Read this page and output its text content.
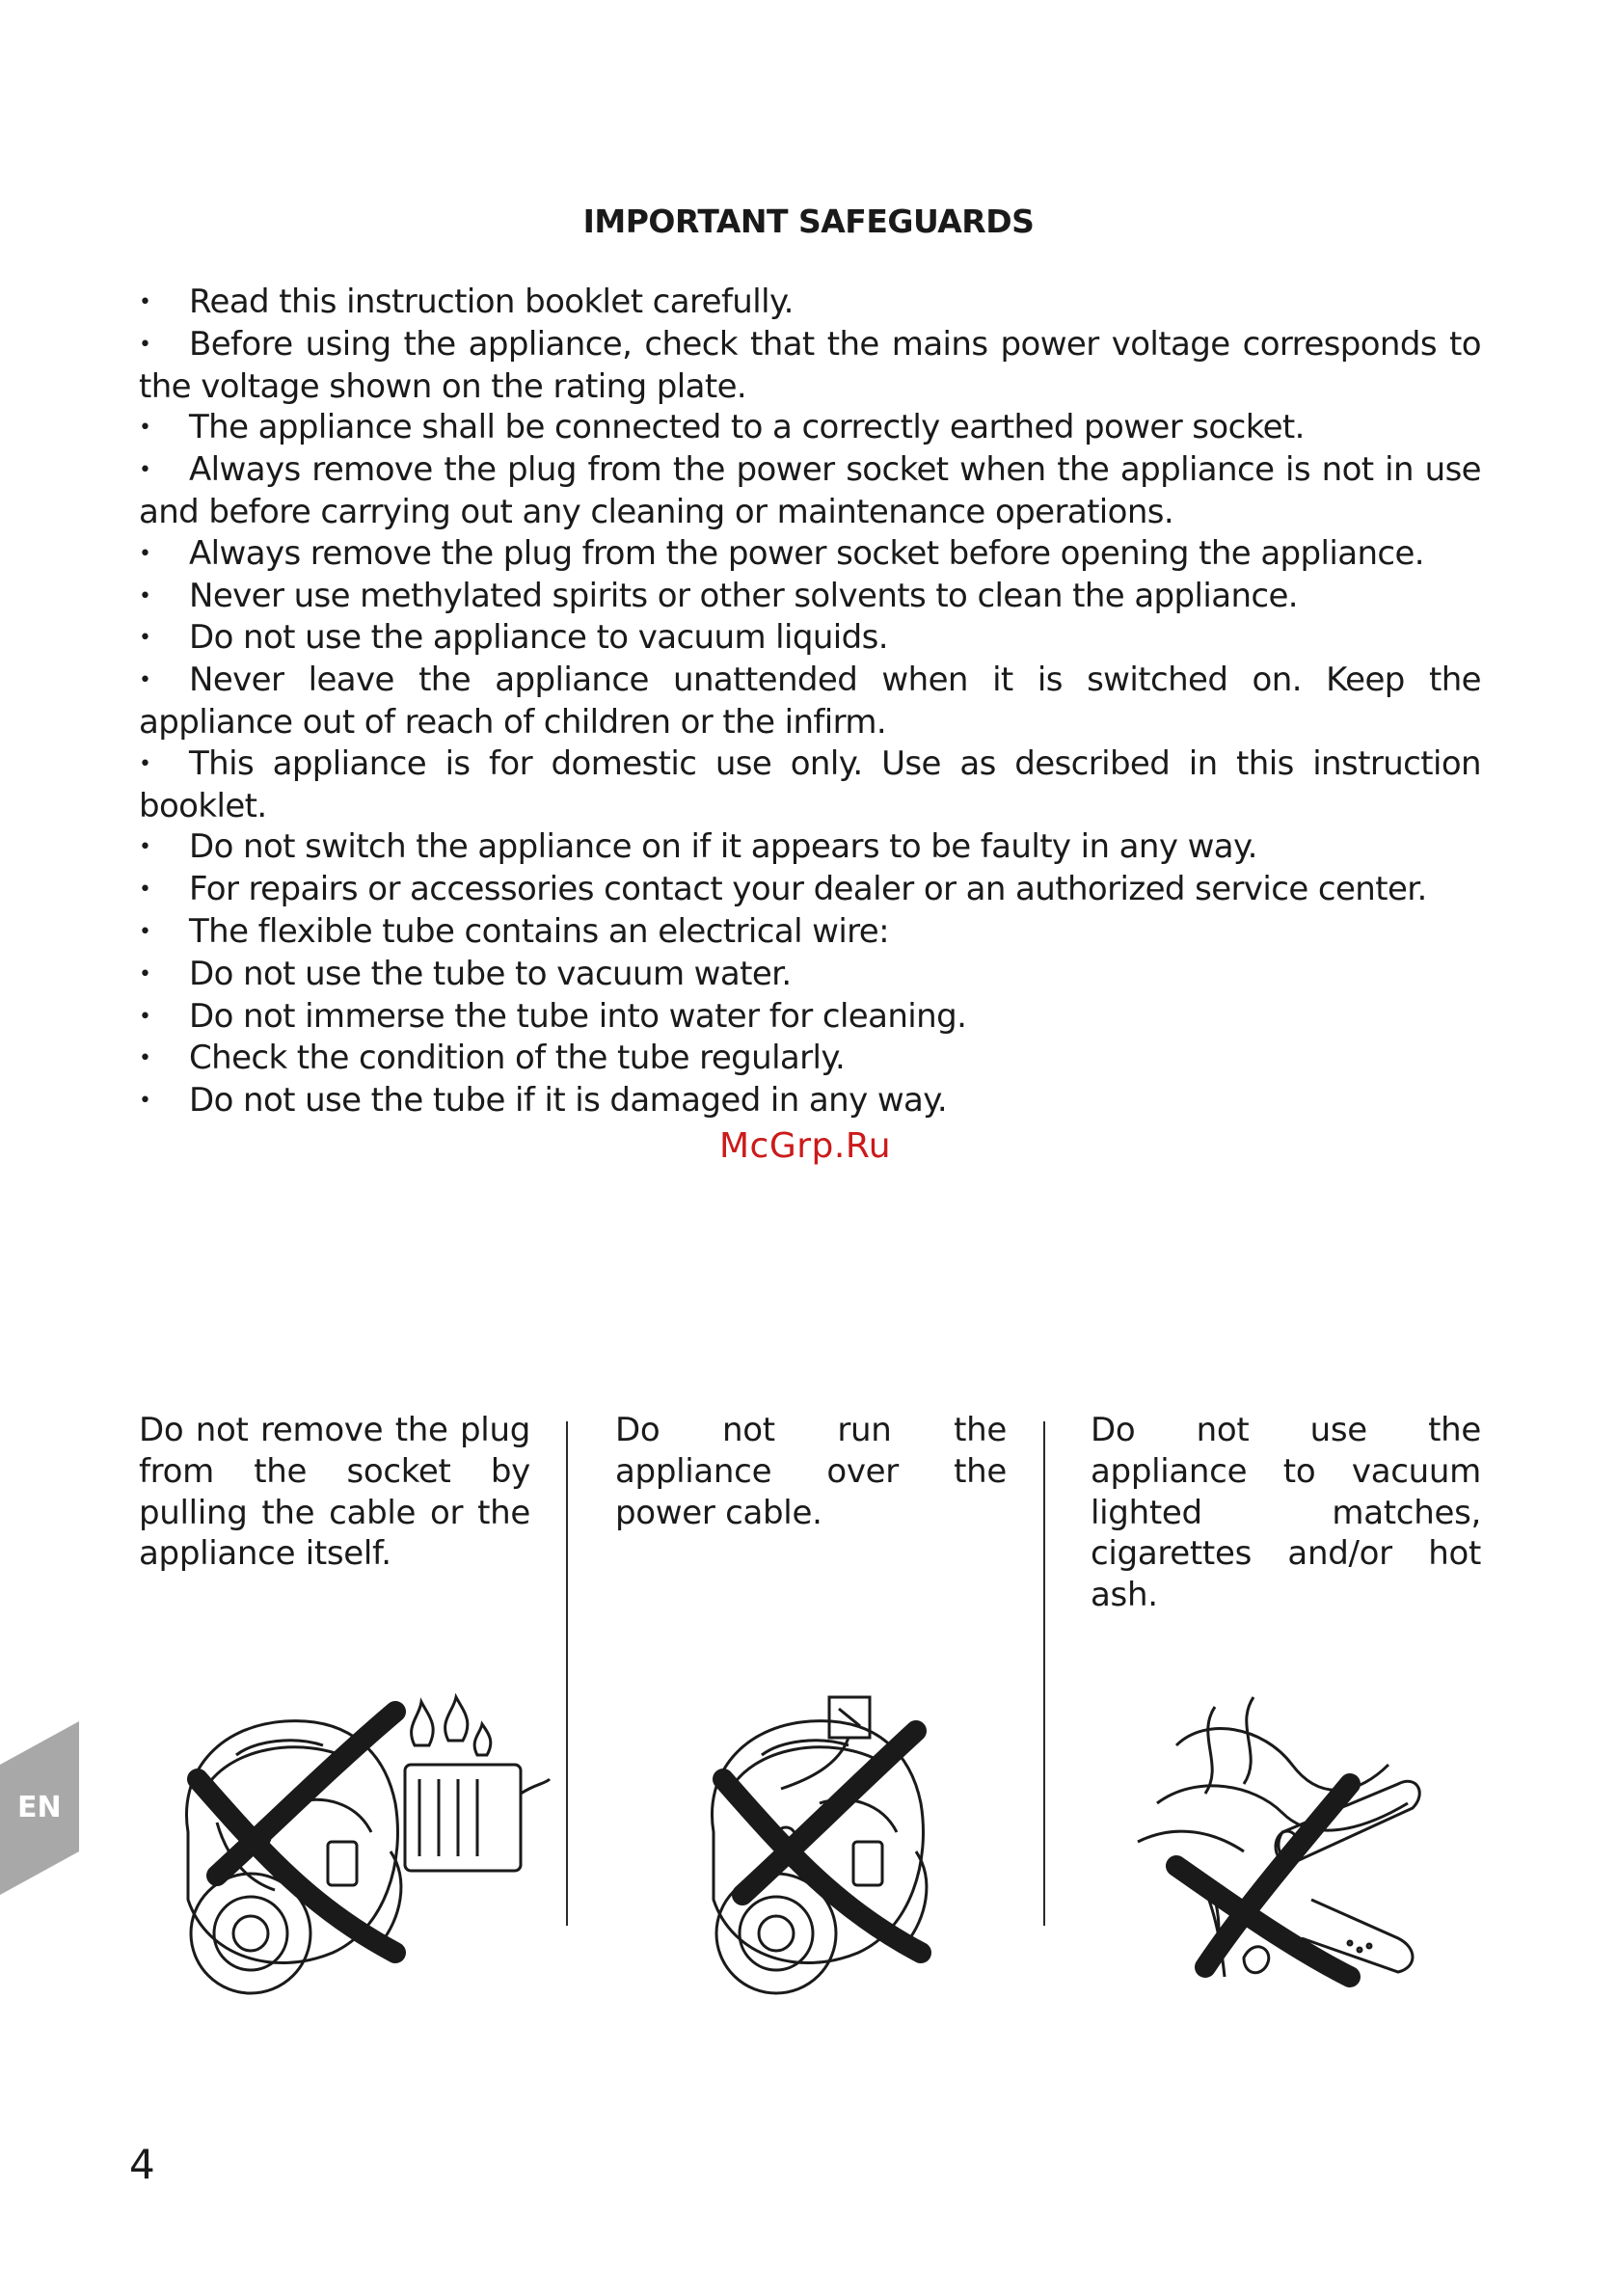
IMPORTANT SAFEGUARDS
• Read this instruction booklet carefully.
• Before using the appliance, check that the mains power voltage corresponds to the voltage shown on the rating plate.
• The appliance shall be connected to a correctly earthed power socket.
• Always remove the plug from the power socket when the appliance is not in use and before carrying out any cleaning or maintenance operations.
• Always remove the plug from the power socket before opening the appliance.
• Never use methylated spirits or other solvents to clean the appliance.
• Do not use the appliance to vacuum liquids.
• Never leave the appliance unattended when it is switched on. Keep the appliance out of reach of children or the infirm.
• This appliance is for domestic use only. Use as described in this instruction booklet.
• Do not switch the appliance on if it appears to be faulty in any way.
• For repairs or accessories contact your dealer or an authorized service center.
• The flexible tube contains an electrical wire:
• Do not use the tube to vacuum water.
• Do not immerse the tube into water for cleaning.
• Check the condition of the tube regularly.
• Do not use the tube if it is damaged in any way.
McGrp.Ru
Do not remove the plug from the socket by pulling the cable or the appliance itself.
Do not run the appliance over the power cable.
Do not use the appliance to vacuum lighted matches, cigarettes and/or hot ash.
EN
4
